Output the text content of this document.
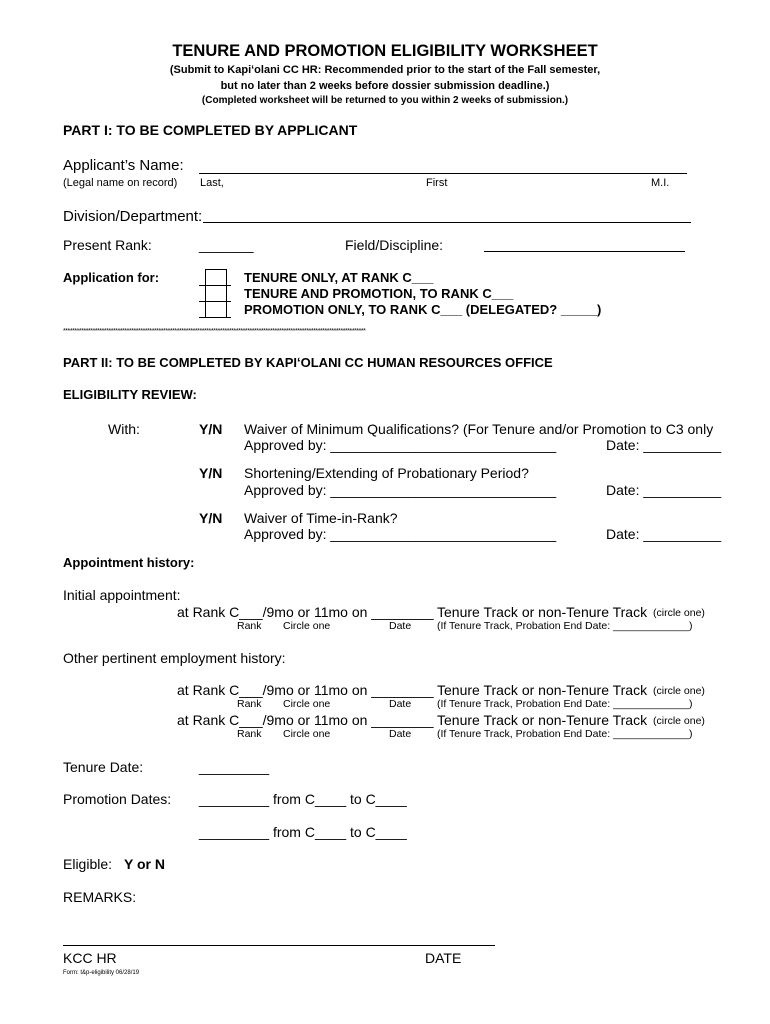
TENURE AND PROMOTION ELIGIBILITY WORKSHEET
(Submit to Kapiʻolani CC HR: Recommended prior to the start of the Fall semester,
but no later than 2 weeks before dossier submission deadline.)
(Completed worksheet will be returned to you within 2 weeks of submission.)
PART I: TO BE COMPLETED BY APPLICANT
Applicant’s Name:
(Legal name on record) Last,	First	M.I.
Division/Department:
Present Rank:	_______	Field/Discipline:
Application for:	TENURE ONLY, AT RANK C___
TENURE AND PROMOTION, TO RANK C___
PROMOTION ONLY, TO RANK C___ (DELEGATED? _____)
*************************************************************************************************************************************
PART II: TO BE COMPLETED BY KAPIʻOLANI CC HUMAN RESOURCES OFFICE
ELIGIBILITY REVIEW:
With:	Y/N Waiver of Minimum Qualifications? (For Tenure and/or Promotion to C3 only
Approved by: _____________________________	Date: __________
Y/N Shortening/Extending of Probationary Period?
Approved by: _____________________________	Date: __________
Y/N Waiver of Time-in-Rank?
Approved by: _____________________________	Date: __________
Appointment history:
Initial appointment:
at Rank C___/9mo or 11mo on ________ Tenure Track or non-Tenure Track (circle one)
Rank Circle one	Date (If Tenure Track, Probation End Date: _____________)
Other pertinent employment history:
at Rank C___/9mo or 11mo on ________ Tenure Track or non-Tenure Track (circle one)
Rank Circle one	Date (If Tenure Track, Probation End Date: _____________)
at Rank C___/9mo or 11mo on ________ Tenure Track or non-Tenure Track (circle one)
Rank Circle one	Date (If Tenure Track, Probation End Date: _____________)
Tenure Date:	_________
Promotion Dates: _________ from C____ to C____
_________ from C____ to C____
Eligible: Y or N
REMARKS:
KCC HR	DATE
Form: t&p-eligibility 06/28/19
